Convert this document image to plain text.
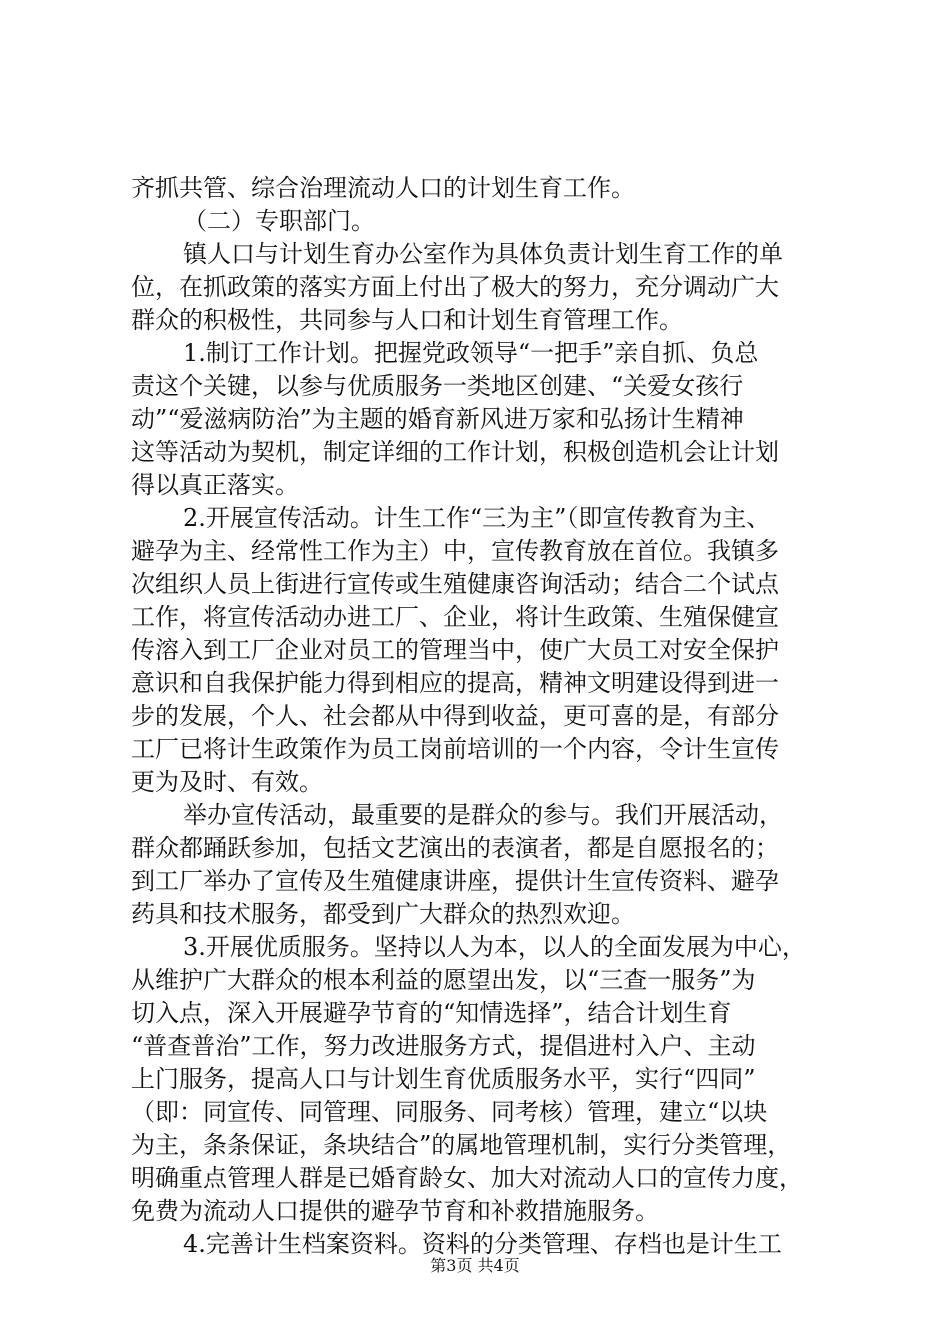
齐抓共管、综合治理流动人口的计划生育工作。
（二）专职部门。
镇人口与计划生育办公室作为具体负责计划生育工作的单
位，在抓政策的落实方面上付出了极大的努力，充分调动广大
群众的积极性，共同参与人口和计划生育管理工作。
1.制订工作计划。把握党政领导“一把手”亲自抓、负总
责这个关键，以参与优质服务一类地区创建、“关爱女孩行
动”“爱滋病防治”为主题的婚育新风进万家和弘扬计生精神
这等活动为契机，制定详细的工作计划，积极创造机会让计划
得以真正落实。
2.开展宣传活动。计生工作“三为主”（即宣传教育为主、
避孕为主、经常性工作为主）中，宣传教育放在首位。我镇多
次组织人员上街进行宣传或生殖健康咨询活动；结合二个试点
工作，将宣传活动办进工厂、企业，将计生政策、生殖保健宣
传溶入到工厂企业对员工的管理当中，使广大员工对安全保护
意识和自我保护能力得到相应的提高，精神文明建设得到进一
步的发展，个人、社会都从中得到收益，更可喜的是，有部分
工厂已将计生政策作为员工岗前培训的一个内容，令计生宣传
更为及时、有效。
举办宣传活动，最重要的是群众的参与。我们开展活动，
群众都踊跃参加，包括文艺演出的表演者，都是自愿报名的；
到工厂举办了宣传及生殖健康讲座，提供计生宣传资料、避孕
药具和技术服务，都受到广大群众的热烈欢迎。
3.开展优质服务。坚持以人为本，以人的全面发展为中心，
从维护广大群众的根本利益的愿望出发，以“三查一服务”为
切入点，深入开展避孕节育的“知情选择”，结合计划生育
“普查普治”工作，努力改进服务方式，提倡进村入户、主动
上门服务，提高人口与计划生育优质服务水平，实行“四同”
（即：同宣传、同管理、同服务、同考核）管理，建立“以块
为主，条条保证，条块结合”的属地管理机制，实行分类管理，
明确重点管理人群是已婚育龄女、加大对流动人口的宣传力度，
免费为流动人口提供的避孕节育和补救措施服务。
4.完善计生档案资料。资料的分类管理、存档也是计生工
第3页 共4页
